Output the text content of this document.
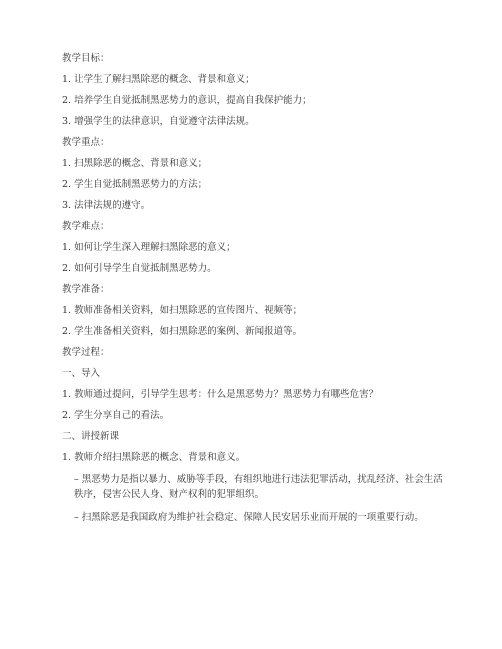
教学目标：
1. 让学生了解扫黑除恶的概念、背景和意义；
2. 培养学生自觉抵制黑恶势力的意识，提高自我保护能力；
3. 增强学生的法律意识，自觉遵守法律法规。
教学重点：
1. 扫黑除恶的概念、背景和意义；
2. 学生自觉抵制黑恶势力的方法；
3. 法律法规的遵守。
教学难点：
1. 如何让学生深入理解扫黑除恶的意义；
2. 如何引导学生自觉抵制黑恶势力。
教学准备：
1. 教师准备相关资料，如扫黑除恶的宣传图片、视频等；
2. 学生准备相关资料，如扫黑除恶的案例、新闻报道等。
教学过程：
一、导入
1. 教师通过提问，引导学生思考：什么是黑恶势力？黑恶势力有哪些危害？
2. 学生分享自己的看法。
二、讲授新课
1. 教师介绍扫黑除恶的概念、背景和意义。
– 黑恶势力是指以暴力、威胁等手段，有组织地进行违法犯罪活动，扰乱经济、社会生活秩序，侵害公民人身、财产权利的犯罪组织。
– 扫黑除恶是我国政府为维护社会稳定、保障人民安居乐业而开展的一项重要行动。
